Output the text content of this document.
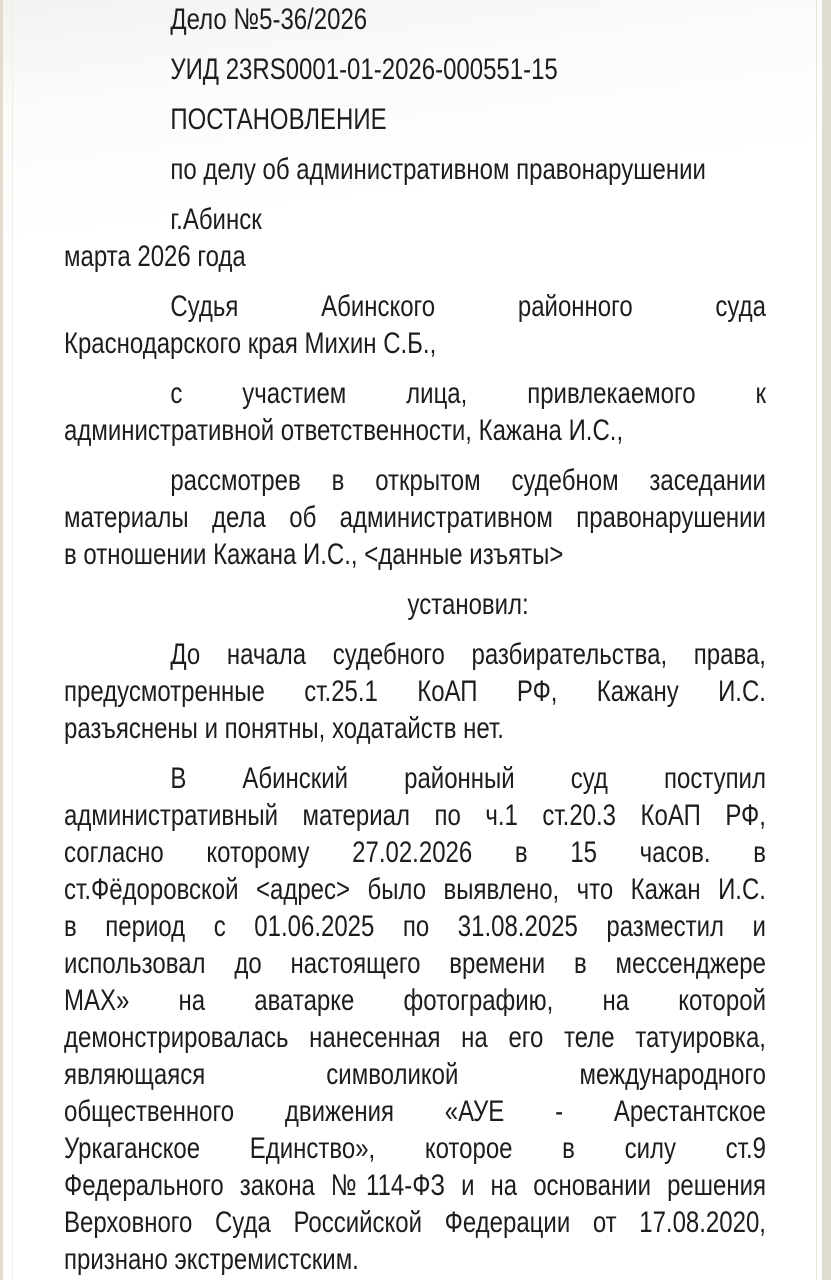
Дело №5-36/2026
УИД 23RS0001-01-2026-000551-15
ПОСТАНОВЛЕНИЕ
по делу об административном правонарушении
г.Абинск
марта 2026 года
Судья Абинского районного суда
Краснодарского края Михин С.Б.,
с участием лица, привлекаемого к
административной ответственности, Кажана И.С.,
рассмотрев в открытом судебном заседании
материалы дела об административном правонарушении
в отношении Кажана И.С., <данные изъяты>
установил:
До начала судебного разбирательства, права,
предусмотренные ст.25.1 КоАП РФ, Кажану И.С.
разъяснены и понятны, ходатайств нет.
В Абинский районный суд поступил
административный материал по ч.1 ст.20.3 КоАП РФ,
согласно которому 27.02.2026 в 15 часов. в
ст.Фёдоровской <адрес> было выявлено, что Кажан И.С.
в период с 01.06.2025 по 31.08.2025 разместил и
использовал до настоящего времени в мессенджере
МАХ» на аватарке фотографию, на которой
демонстрировалась нанесенная на его теле татуировка,
являющаяся символикой международного
общественного движения «АУЕ - Арестантское
Уркаганское Единство», которое в силу ст.9
Федерального закона №114-ФЗ и на основании решения
Верховного Суда Российской Федерации от 17.08.2020,
признано экстремистским.
